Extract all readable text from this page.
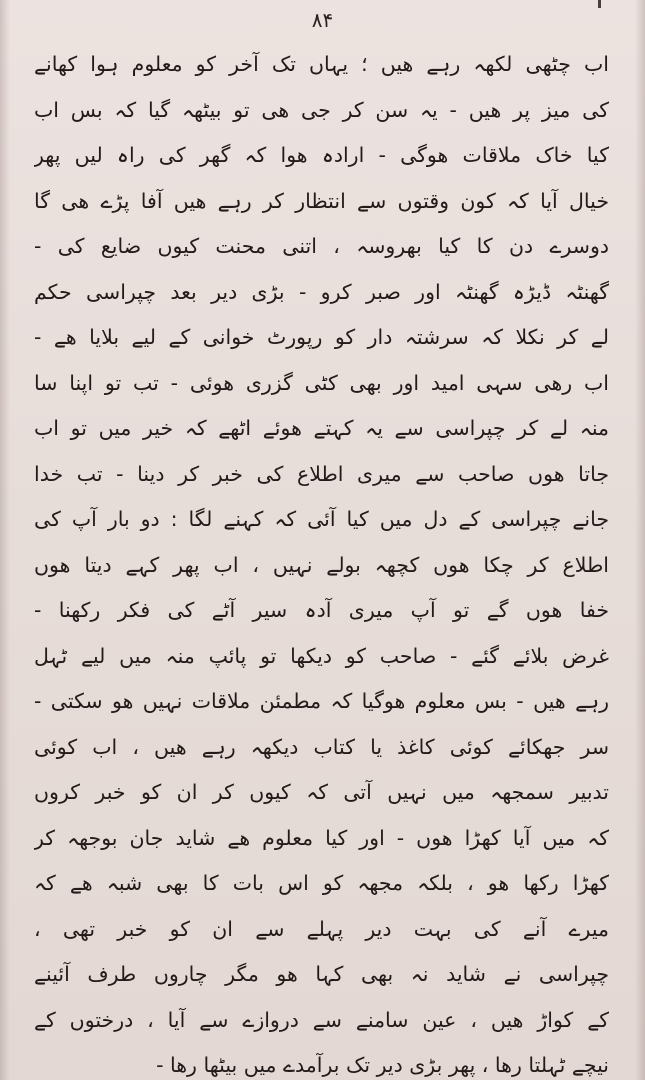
۸۴
اب چٹھی لکھہ رہے ھیں ؛ یہاں تک آخر کو معلوم ہوا کھانے
کی میز پر ھیں - یہ سن کر جی ھی تو بیٹھہ گیا کہ بس اب
کیا خاک ملاقات ھوگی - ارادہ ھوا کہ گھر کی راہ لیں پھر
خیال آیا کہ کون وقتوں سے انتظار کر رہے ھیں آفا پڑے ھی گا
دوسرے دن کا کیا بھروسہ ، اتنی محنت کیوں ضایع کی -
گھنٹہ ڈیڑہ گھنٹہ اور صبر کرو - بڑی دیر بعد چپراسی حکم
لے کر نکلا کہ سرشتہ دار کو رپورٹ خوانی کے لیے بلایا ھے -
اب رھی سہی امید اور بھی کٹی گزری ھوئی - تب تو اپنا سا
منہ لے کر چپراسی سے یہ کہتے ھوئے اٹھے کہ خیر میں تو اب
جاتا ھوں صاحب سے میری اطلاع کی خبر کر دینا - تب خدا
جانے چپراسی کے دل میں کیا آئی کہ کہنے لگا : دو بار آپ کی
اطلاع کر چکا ھوں کچھہ بولے نہیں ، اب پھر کہے دیتا ھوں
خفا ھوں گے تو آپ میری آدہ سیر آٹے کی فکر رکھنا -
غرض بلائے گئے - صاحب کو دیکھا تو پائپ منہ میں لیے ٹہل
رہے ھیں - بس معلوم ھوگیا کہ مطمئن ملاقات نہیں ھو سکتی -
سر جھکائے کوئی کاغذ یا کتاب دیکھہ رہے ھیں ، اب کوئی
تدبیر سمجھہ میں نہیں آتی کہ کیوں کر ان کو خبر کروں
کہ میں آیا کھڑا ھوں - اور کیا معلوم ھے شاید جان بوجھہ کر
کھڑا رکھا ھو ، بلکہ مجھہ کو اس بات کا بھی شبہ ھے کہ
میرے آنے کی بہت دیر پہلے سے ان کو خبر تھی ،
چپراسی نے شاید نہ بھی کہا ھو مگر چاروں طرف آئینے
کے کواڑ ھیں ، عین سامنے سے دروازے سے آیا ، درختوں کے
نیچے ٹہلتا رھا ، پھر بڑی دیر تک برآمدے میں بیٹھا رھا -
